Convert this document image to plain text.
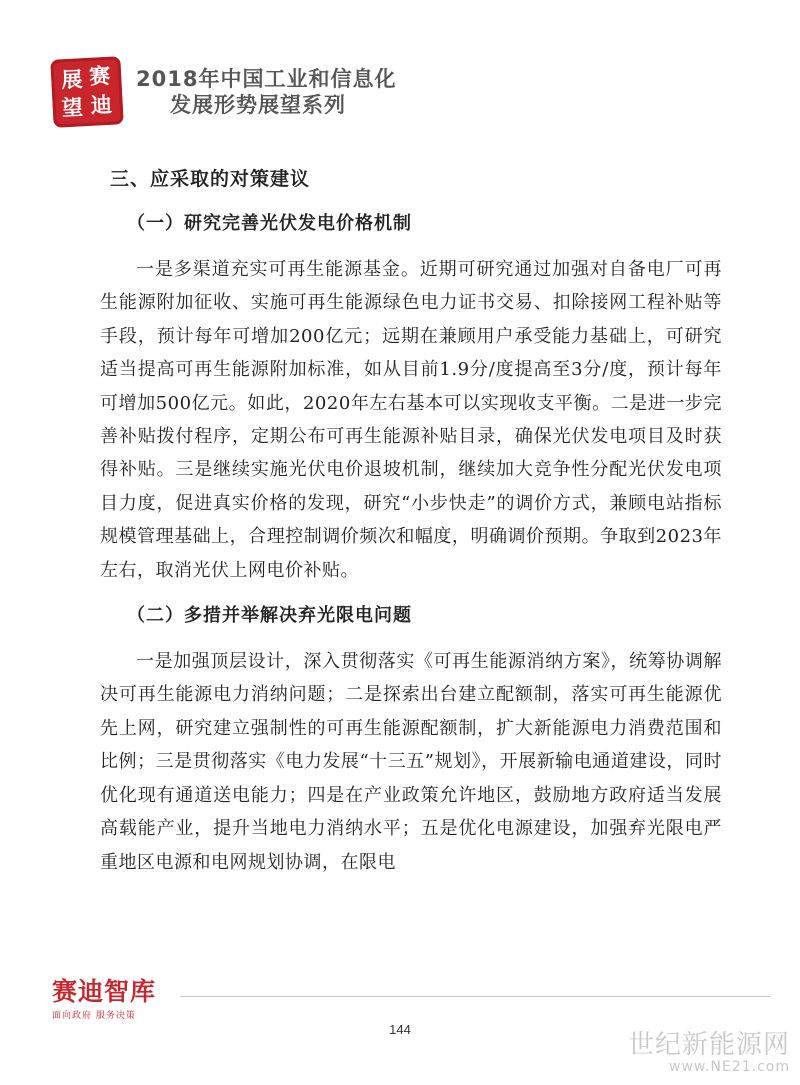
展 赛
望 迪
2018年中国工业和信息化
发展形势展望系列
三、应采取的对策建议
（一）研究完善光伏发电价格机制

一是多渠道充实可再生能源基金。近期可研究通过加强对自备电厂可再生能源附加征收、实施可再生能源绿色电力证书交易、扣除接网工程补贴等手段，预计每年可增加200亿元；远期在兼顾用户承受能力基础上，可研究适当提高可再生能源附加标准，如从目前1.9分/度提高至3分/度，预计每年可增加500亿元。如此，2020年左右基本可以实现收支平衡。二是进一步完善补贴拨付程序，定期公布可再生能源补贴目录，确保光伏发电项目及时获得补贴。三是继续实施光伏电价退坡机制，继续加大竞争性分配光伏发电项目力度，促进真实价格的发现，研究“小步快走”的调价方式，兼顾电站指标规模管理基础上，合理控制调价频次和幅度，明确调价预期。争取到2023年左右，取消光伏上网电价补贴。

（二）多措并举解决弃光限电问题

一是加强顶层设计，深入贯彻落实《可再生能源消纳方案》，统筹协调解决可再生能源电力消纳问题；二是探索出台建立配额制，落实可再生能源优先上网，研究建立强制性的可再生能源配额制，扩大新能源电力消费范围和比例；三是贯彻落实《电力发展“十三五”规划》，开展新输电通道建设，同时优化现有通道送电能力；四是在产业政策允许地区，鼓励地方政府适当发展高载能产业，提升当地电力消纳水平；五是优化电源建设，加强弃光限电严重地区电源和电网规划协调，在限电

赛迪智库
面向政府 服务决策
144
世纪新能源网
www.NE21.com
